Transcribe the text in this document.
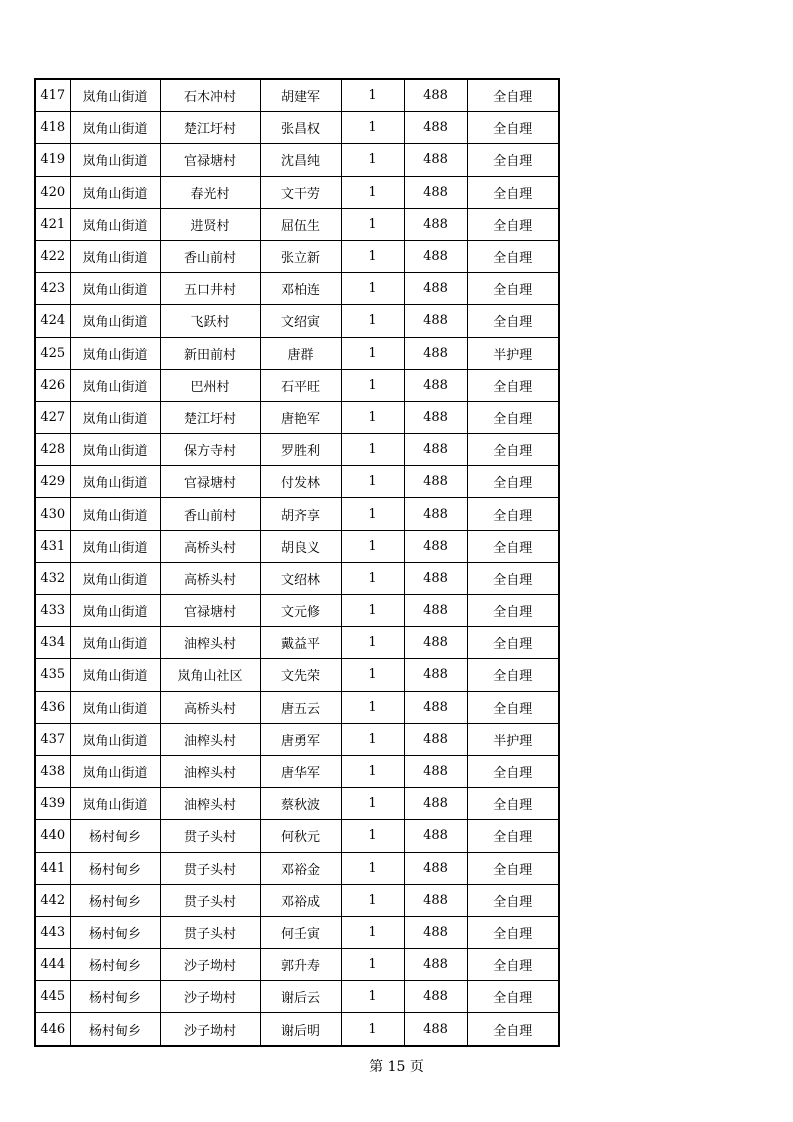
417	岚角山街道	石木冲村	胡建军	1	488	全自理
418	岚角山街道	楚江圩村	张昌权	1	488	全自理
419	岚角山街道	官禄塘村	沈昌纯	1	488	全自理
420	岚角山街道	春光村	文干劳	1	488	全自理
421	岚角山街道	进贤村	屈伍生	1	488	全自理
422	岚角山街道	香山前村	张立新	1	488	全自理
423	岚角山街道	五口井村	邓柏连	1	488	全自理
424	岚角山街道	飞跃村	文绍寅	1	488	全自理
425	岚角山街道	新田前村	唐群	1	488	半护理
426	岚角山街道	巴州村	石平旺	1	488	全自理
427	岚角山街道	楚江圩村	唐艳军	1	488	全自理
428	岚角山街道	保方寺村	罗胜利	1	488	全自理
429	岚角山街道	官禄塘村	付发林	1	488	全自理
430	岚角山街道	香山前村	胡齐享	1	488	全自理
431	岚角山街道	高桥头村	胡良义	1	488	全自理
432	岚角山街道	高桥头村	文绍林	1	488	全自理
433	岚角山街道	官禄塘村	文元修	1	488	全自理
434	岚角山街道	油榨头村	戴益平	1	488	全自理
435	岚角山街道	岚角山社区	文先荣	1	488	全自理
436	岚角山街道	高桥头村	唐五云	1	488	全自理
437	岚角山街道	油榨头村	唐勇军	1	488	半护理
438	岚角山街道	油榨头村	唐华军	1	488	全自理
439	岚角山街道	油榨头村	蔡秋波	1	488	全自理
440	杨村甸乡	贯子头村	何秋元	1	488	全自理
441	杨村甸乡	贯子头村	邓裕金	1	488	全自理
442	杨村甸乡	贯子头村	邓裕成	1	488	全自理
443	杨村甸乡	贯子头村	何壬寅	1	488	全自理
444	杨村甸乡	沙子坳村	郭升寿	1	488	全自理
445	杨村甸乡	沙子坳村	谢后云	1	488	全自理
446	杨村甸乡	沙子坳村	谢后明	1	488	全自理
第 15 页
